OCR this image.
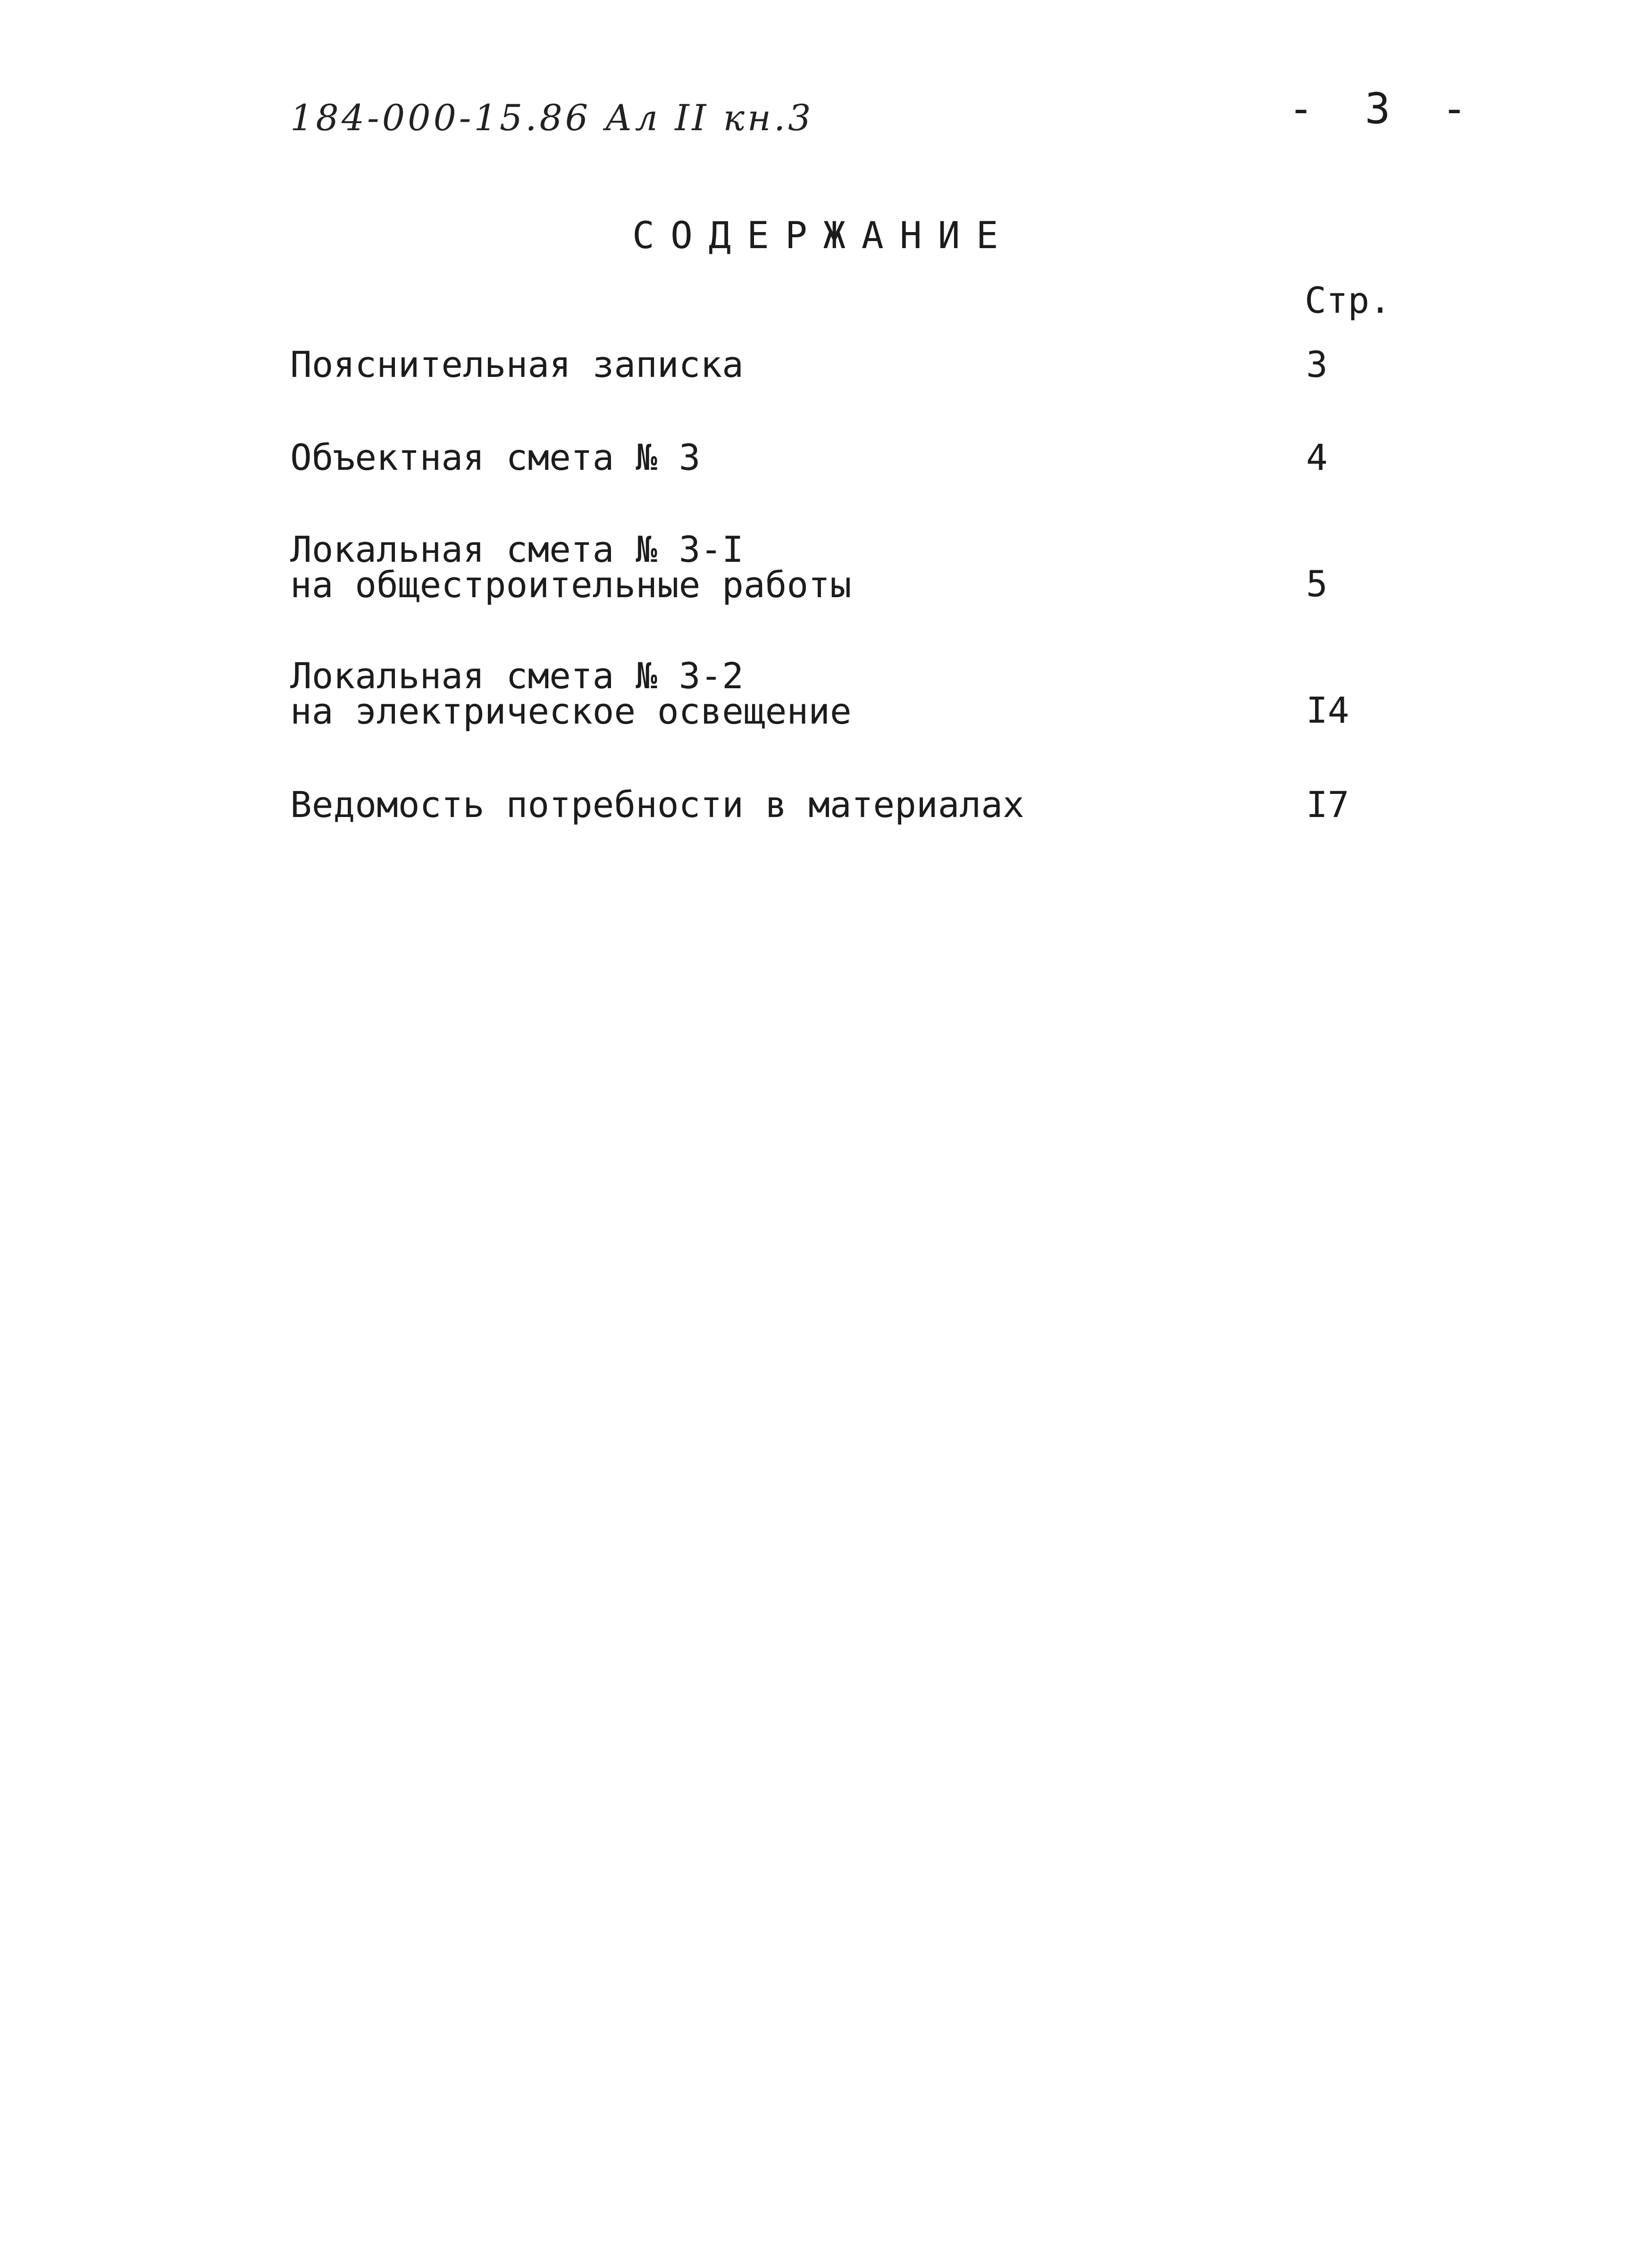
184-000-15.86 Ал II кн.3	-  3  -
СОДЕРЖАНИЕ
Стр.
Пояснительная записка	3
Объектная смета № 3	4
Локальная смета № 3-I
на общестроительные работы	5
Локальная смета № 3-2
на электрическое освещение	I4
Ведомость потребности в материалах	I7
